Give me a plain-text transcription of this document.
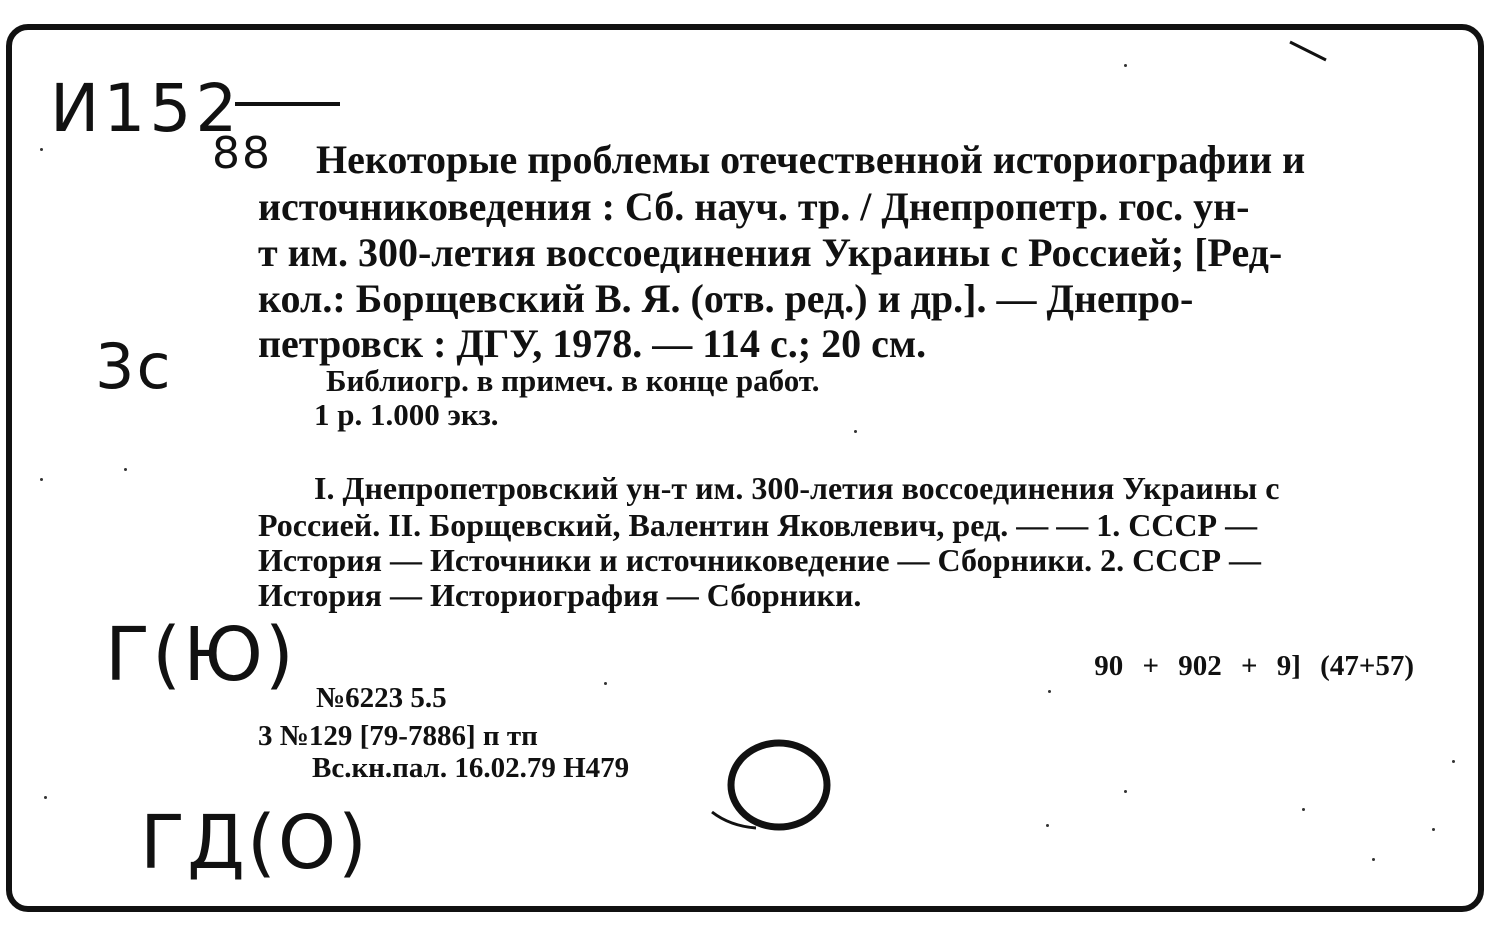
И152
88
3с
Г(Ю)
ГД(О)
Некоторые проблемы отечественной историографии и
источниковедения : Сб. науч. тр. / Днепропетр. гос. ун-
т им. 300-летия воссоединения Украины с Россией; [Ред-
кол.: Борщевский В. Я. (отв. ред.) и др.]. — Днепро-
петровск : ДГУ, 1978. — 114 с.; 20 см.
Библиогр. в примеч. в конце работ.
1 р. 1.000 экз.
I. Днепропетровский ун-т им. 300-летия воссоединения Украины с
Россией. II. Борщевский, Валентин Яковлевич, ред. — — 1. СССР —
История — Источники и источниковедение — Сборники. 2. СССР —
История — Историография — Сборники.
90 + 902 + 9] (47+57)
№6223 5.5
3 №129 [79-7886] п тп
Вс.кн.пал. 16.02.79 Н479
